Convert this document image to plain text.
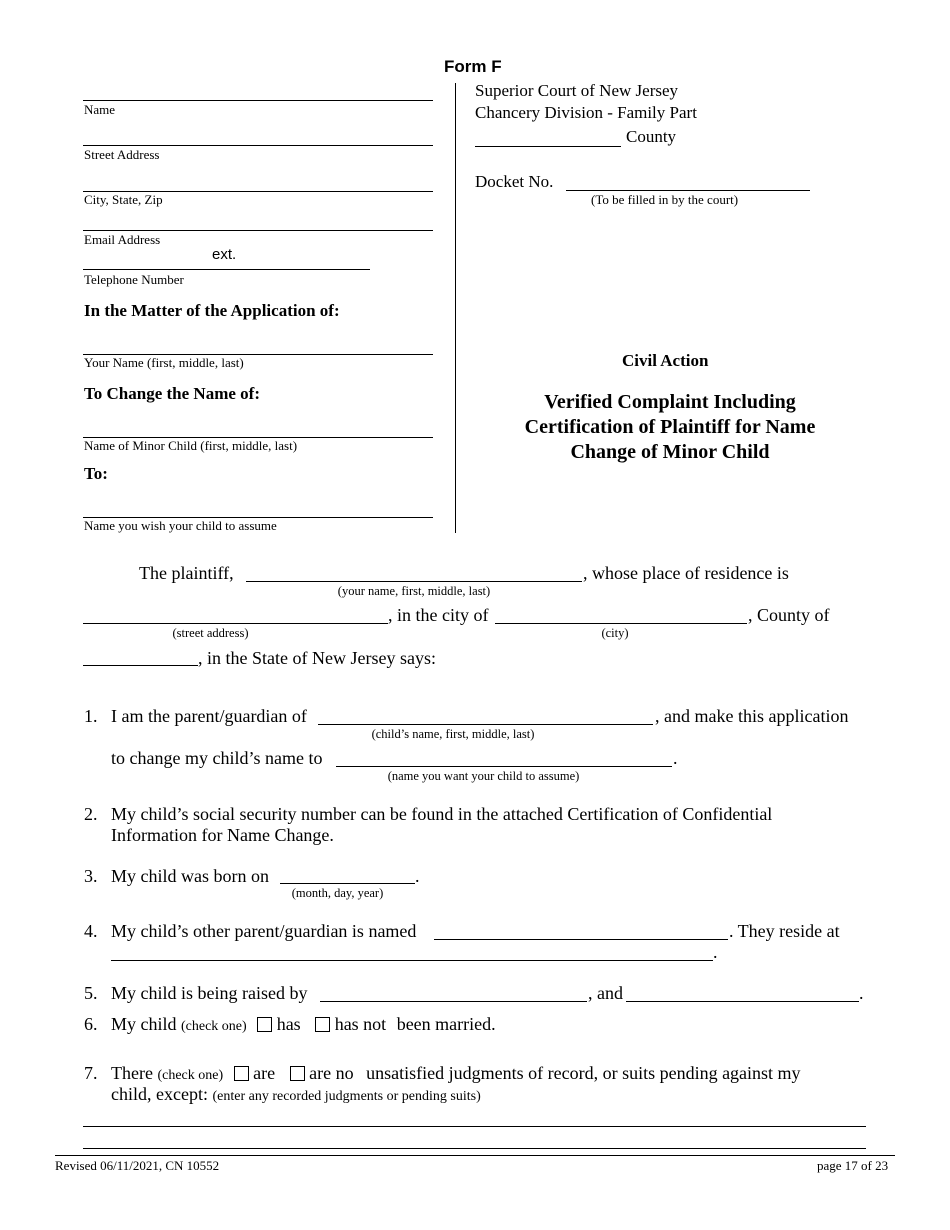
Form F
Name
Street Address
City, State, Zip
Email Address
ext.
Telephone Number
In the Matter of the Application of:
Your Name (first, middle, last)
To Change the Name of:
Name of Minor Child (first, middle, last)
To:
Name you wish your child to assume
Superior Court of New Jersey
Chancery Division - Family Part
County
Docket No.
(To be filled in by the court)
Civil Action
Verified Complaint Including
Certification of Plaintiff for Name
Change of Minor Child
The plaintiff,	, whose place of residence is
(your name, first, middle, last)
, in the city of	, County of
(street address)	(city)
, in the State of New Jersey says:
1. I am the parent/guardian of	, and make this application
(child’s name, first, middle, last)
to change my child’s name to	.
(name you want your child to assume)
2. My child’s social security number can be found in the attached Certification of Confidential
Information for Name Change.
3. My child was born on	.
(month, day, year)
4. My child’s other parent/guardian is named	. They reside at
.
5. My child is being raised by	, and	.
6. My child (check one) has has not been married.
7. There (check one) are are no unsatisfied judgments of record, or suits pending against my
child, except: (enter any recorded judgments or pending suits)
Revised 06/11/2021, CN 10552	page 17 of 23
